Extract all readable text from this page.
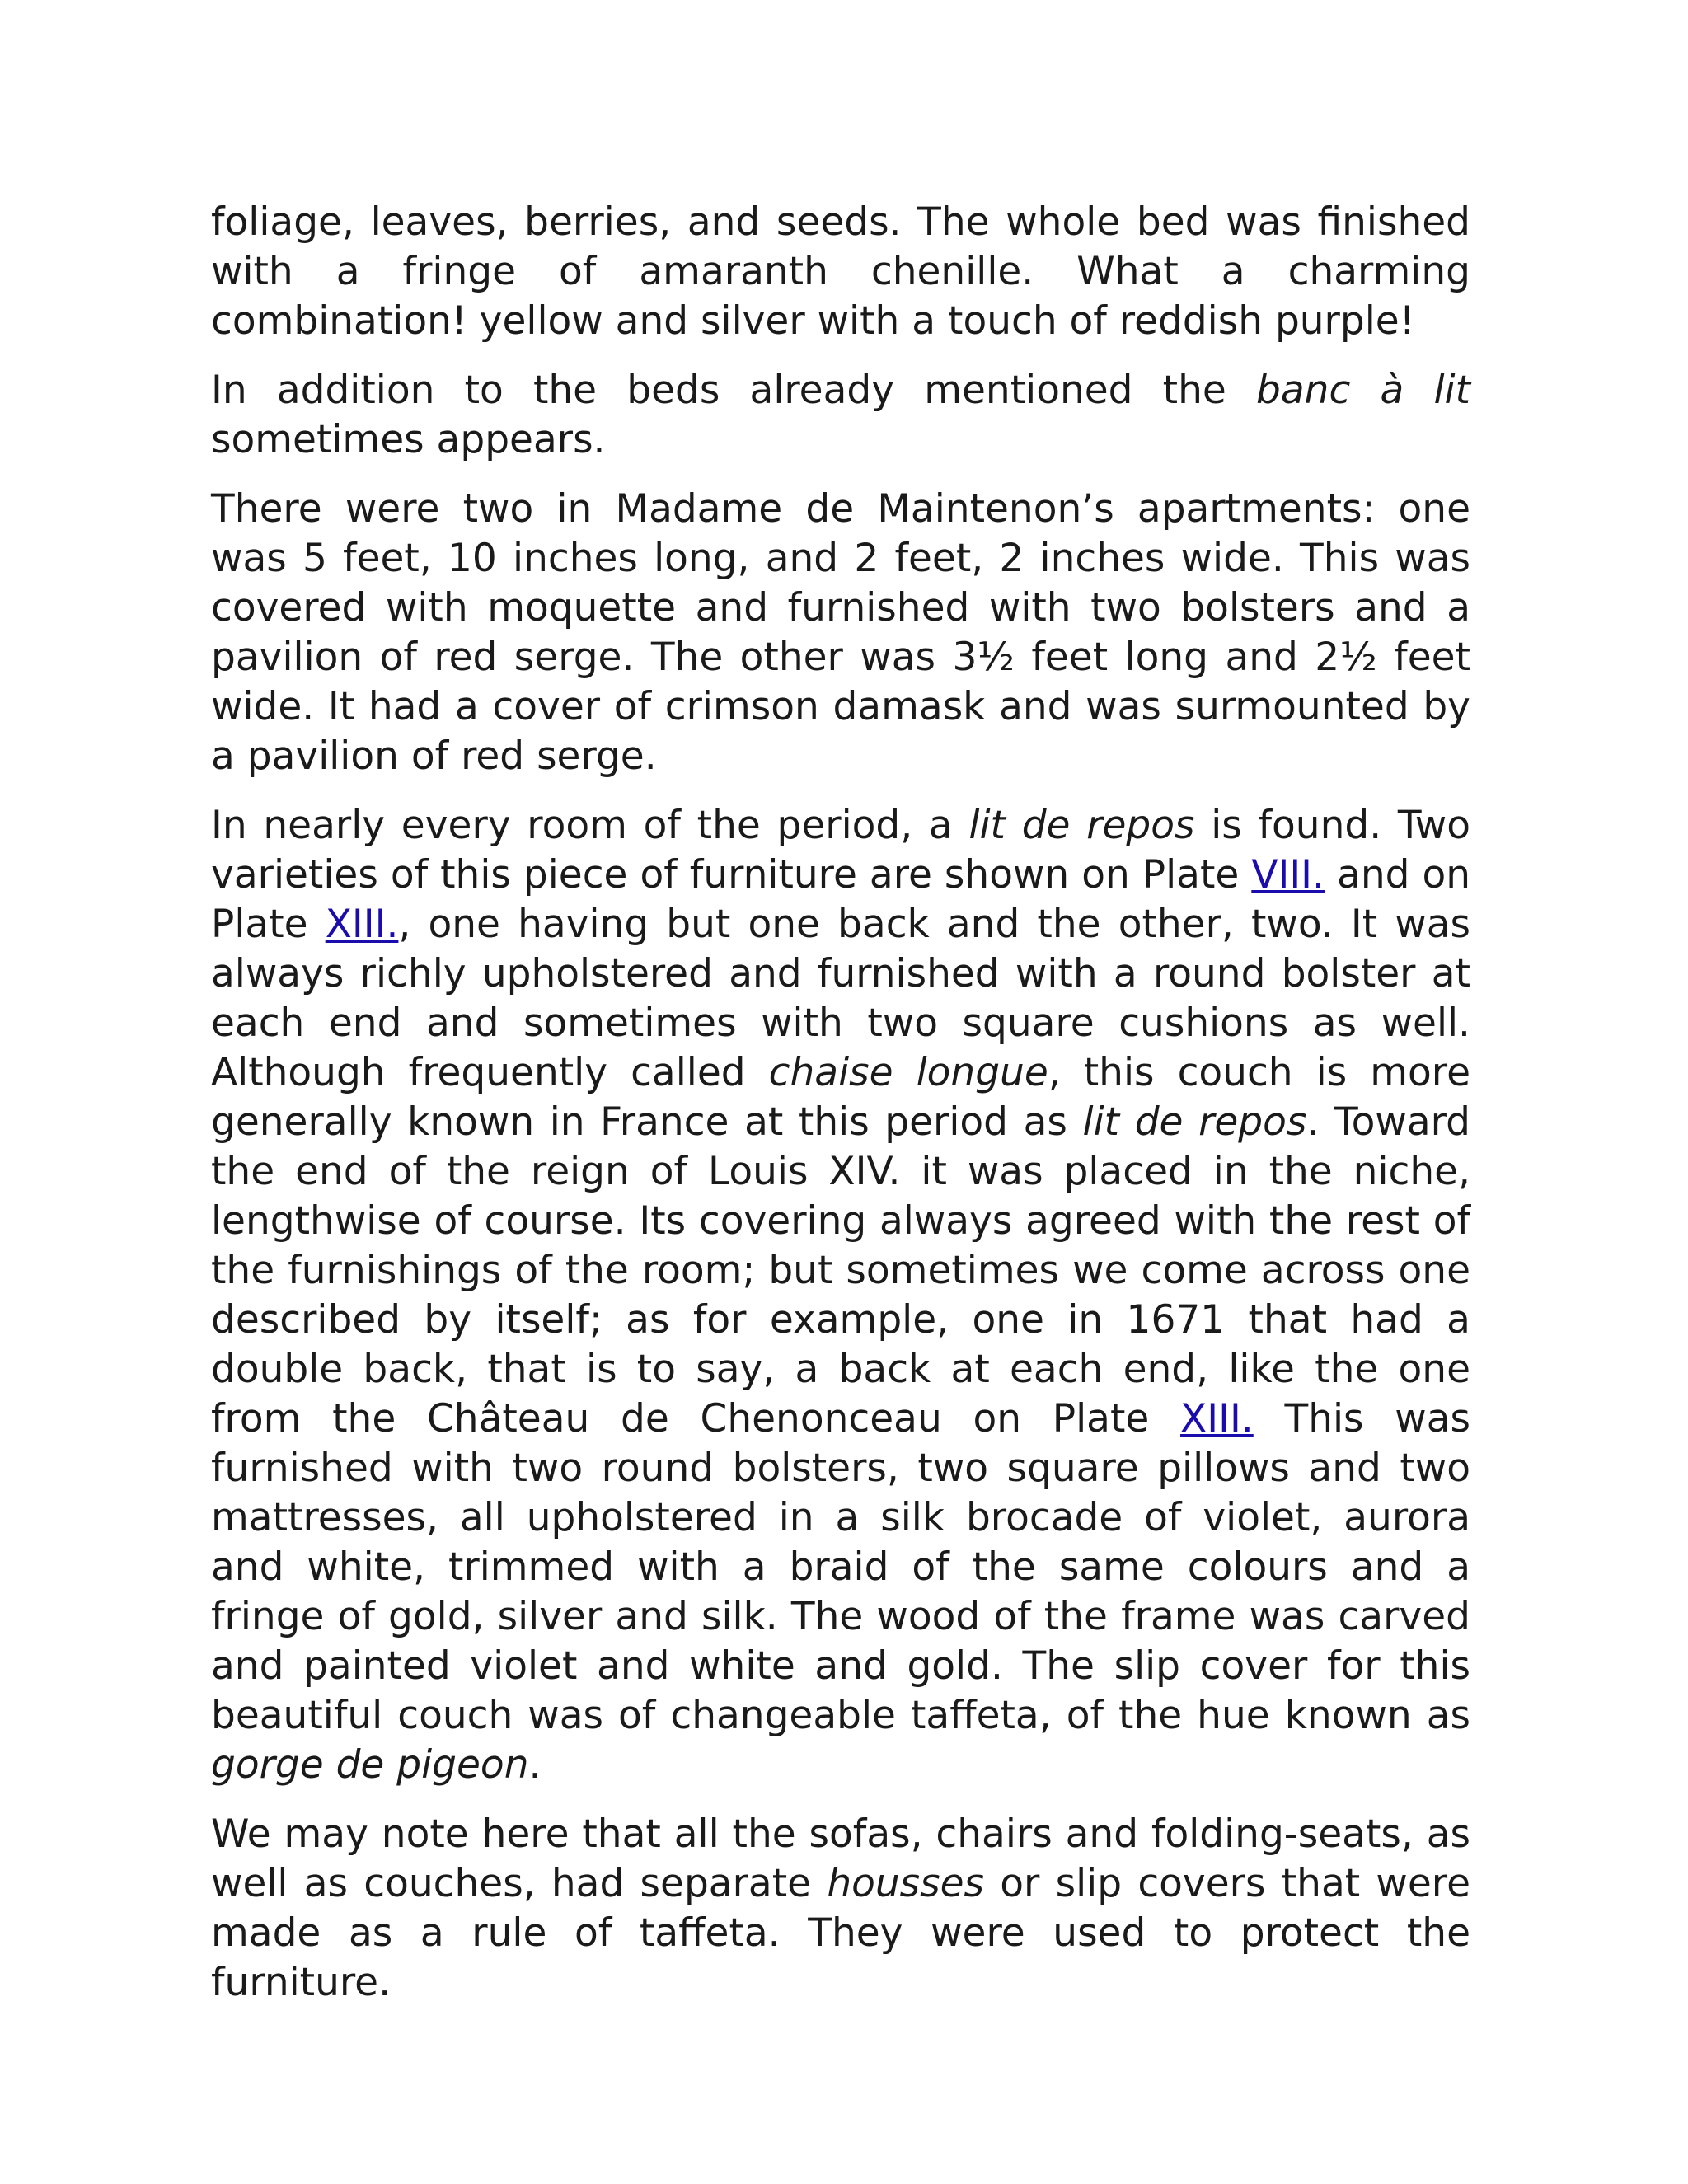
foliage, leaves, berries, and seeds. The whole bed was finished with a fringe of amaranth chenille. What a charming combination! yellow and silver with a touch of reddish purple!

In addition to the beds already mentioned the banc à lit sometimes appears.

There were two in Madame de Maintenon’s apartments: one was 5 feet, 10 inches long, and 2 feet, 2 inches wide. This was covered with moquette and furnished with two bolsters and a pavilion of red serge. The other was 3½ feet long and 2½ feet wide. It had a cover of crimson damask and was surmounted by a pavilion of red serge.

In nearly every room of the period, a lit de repos is found. Two varieties of this piece of furniture are shown on Plate VIII. and on Plate XIII., one having but one back and the other, two. It was always richly upholstered and furnished with a round bolster at each end and sometimes with two square cushions as well. Although frequently called chaise longue, this couch is more generally known in France at this period as lit de repos. Toward the end of the reign of Louis XIV. it was placed in the niche, lengthwise of course. Its covering always agreed with the rest of the furnishings of the room; but sometimes we come across one described by itself; as for example, one in 1671 that had a double back, that is to say, a back at each end, like the one from the Château de Chenonceau on Plate XIII. This was furnished with two round bolsters, two square pillows and two mattresses, all upholstered in a silk brocade of violet, aurora and white, trimmed with a braid of the same colours and a fringe of gold, silver and silk. The wood of the frame was carved and painted violet and white and gold. The slip cover for this beautiful couch was of changeable taffeta, of the hue known as gorge de pigeon.

We may note here that all the sofas, chairs and folding-seats, as well as couches, had separate housses or slip covers that were made as a rule of taffeta. They were used to protect the furniture.
